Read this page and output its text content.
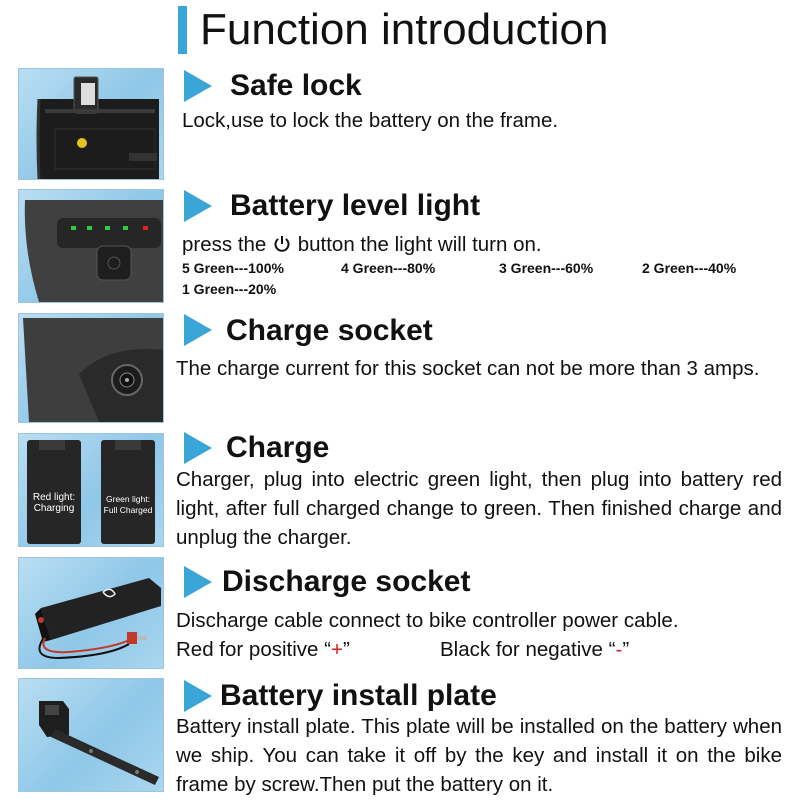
Function introduction
Safe lock
Lock,use to lock the battery on the frame.
Battery level light
press the button the light will turn on.
5 Green---100%	4 Green---80%	3 Green---60%	2 Green---40%
1 Green---20%
Charge socket
The charge current for this socket can not be more than 3 amps.
Red light:
Charging
Green light:
Full Charged
Charge
Charger, plug into electric green light, then plug into battery red light, after full charged change to green. Then finished charge and unplug the charger.
Discharge socket
Discharge cable connect to bike controller power cable.
Red for positive “+”	Black for negative “-”
Battery install plate
Battery install plate. This plate will be installed on the battery when we ship. You can take it off by the key and install it on the bike frame by screw.Then put the battery on it.
